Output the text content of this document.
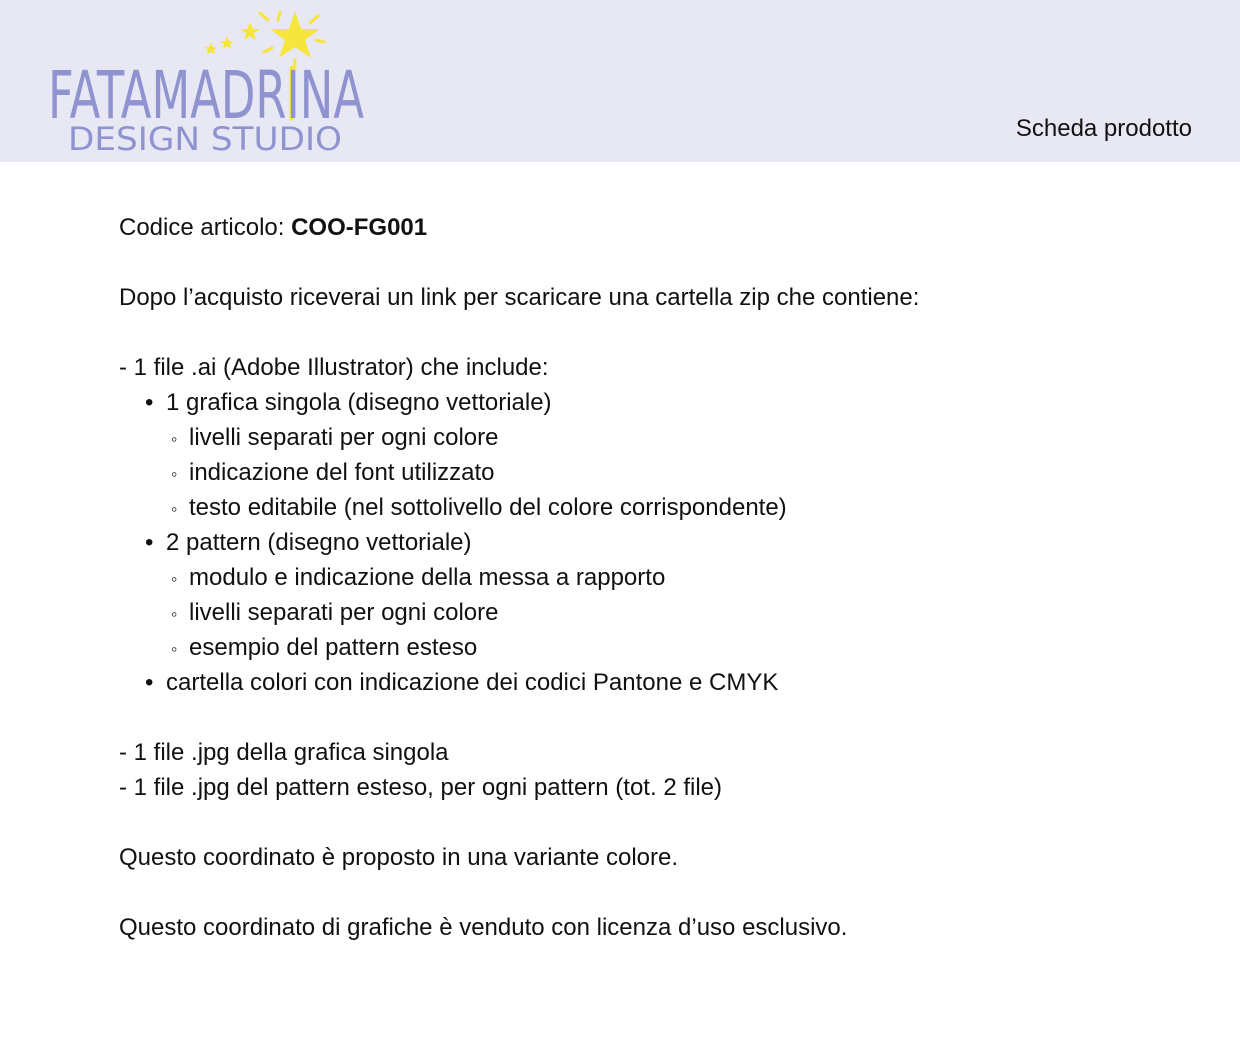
FATAMADRINA
DESIGN STUDIO	Scheda prodotto
Codice articolo: COO-FG001
Dopo l’acquisto riceverai un link per scaricare una cartella zip che contiene:
- 1 file .ai (Adobe Illustrator) che include:
• 1 grafica singola (disegno vettoriale)
◦ livelli separati per ogni colore
◦ indicazione del font utilizzato
◦ testo editabile (nel sottolivello del colore corrispondente)
• 2 pattern (disegno vettoriale)
◦ modulo e indicazione della messa a rapporto
◦ livelli separati per ogni colore
◦ esempio del pattern esteso
• cartella colori con indicazione dei codici Pantone e CMYK
- 1 file .jpg della grafica singola
- 1 file .jpg del pattern esteso, per ogni pattern (tot. 2 file)
Questo coordinato è proposto in una variante colore.
Questo coordinato di grafiche è venduto con licenza d’uso esclusivo.
